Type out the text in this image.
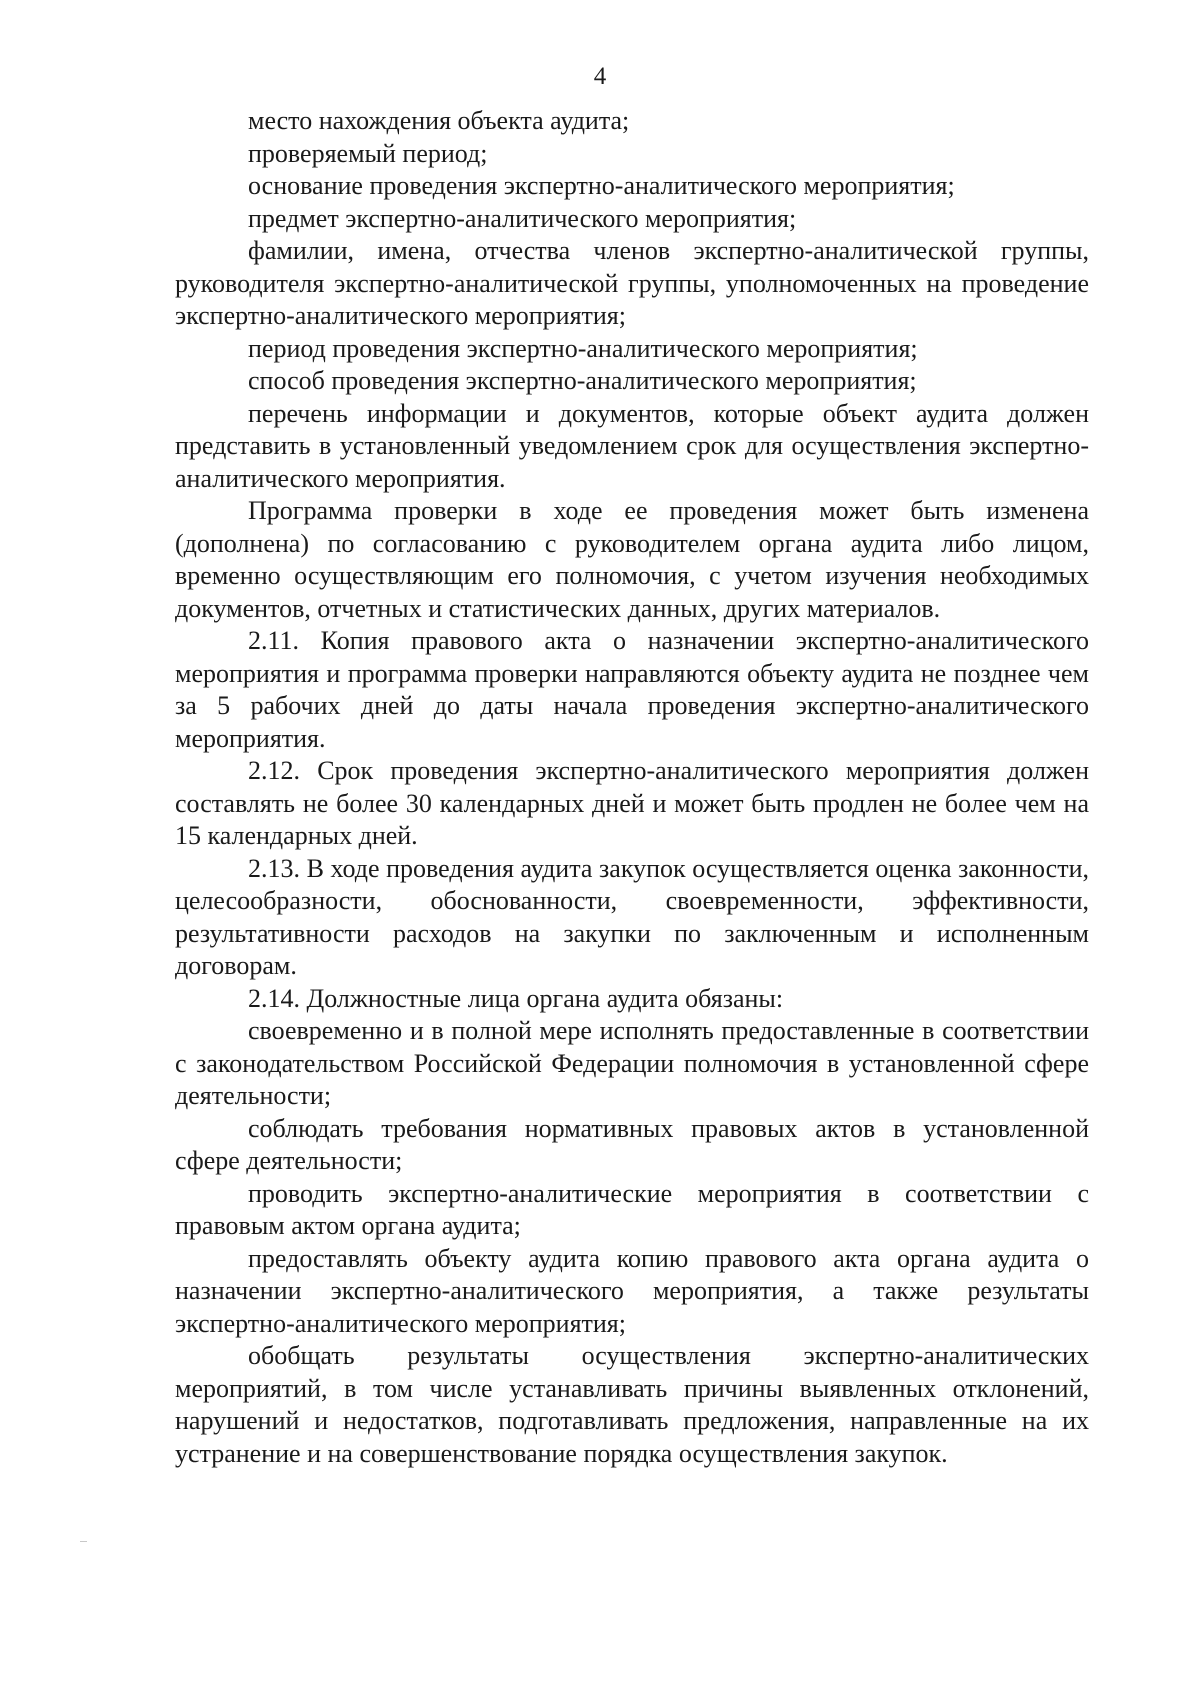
4

место нахождения объекта аудита;

проверяемый период;

основание проведения экспертно-аналитического мероприятия;

предмет экспертно-аналитического мероприятия;

фамилии, имена, отчества членов экспертно-аналитической группы, руководителя экспертно-аналитической группы, уполномоченных на проведение экспертно-аналитического мероприятия;

период проведения экспертно-аналитического мероприятия;

способ проведения экспертно-аналитического мероприятия;

перечень информации и документов, которые объект аудита должен представить в установленный уведомлением срок для осуществления экспертно-аналитического мероприятия.

Программа проверки в ходе ее проведения может быть изменена (дополнена) по согласованию с руководителем органа аудита либо лицом, временно осуществляющим его полномочия, с учетом изучения необходимых документов, отчетных и статистических данных, других материалов.

2.11. Копия правового акта о назначении экспертно-аналитического мероприятия и программа проверки направляются объекту аудита не позднее чем за 5 рабочих дней до даты начала проведения экспертно-аналитического мероприятия.

2.12. Срок проведения экспертно-аналитического мероприятия должен составлять не более 30 календарных дней и может быть продлен не более чем на 15 календарных дней.

2.13. В ходе проведения аудита закупок осуществляется оценка законности, целесообразности, обоснованности, своевременности, эффективности, результативности расходов на закупки по заключенным и исполненным договорам.

2.14. Должностные лица органа аудита обязаны:

своевременно и в полной мере исполнять предоставленные в соответствии с законодательством Российской Федерации полномочия в установленной сфере деятельности;

соблюдать требования нормативных правовых актов в установленной сфере деятельности;

проводить экспертно-аналитические мероприятия в соответствии с правовым актом органа аудита;

предоставлять объекту аудита копию правового акта органа аудита о назначении экспертно-аналитического мероприятия, а также результаты экспертно-аналитического мероприятия;

обобщать результаты осуществления экспертно-аналитических мероприятий, в том числе устанавливать причины выявленных отклонений, нарушений и недостатков, подготавливать предложения, направленные на их устранение и на совершенствование порядка осуществления закупок.
